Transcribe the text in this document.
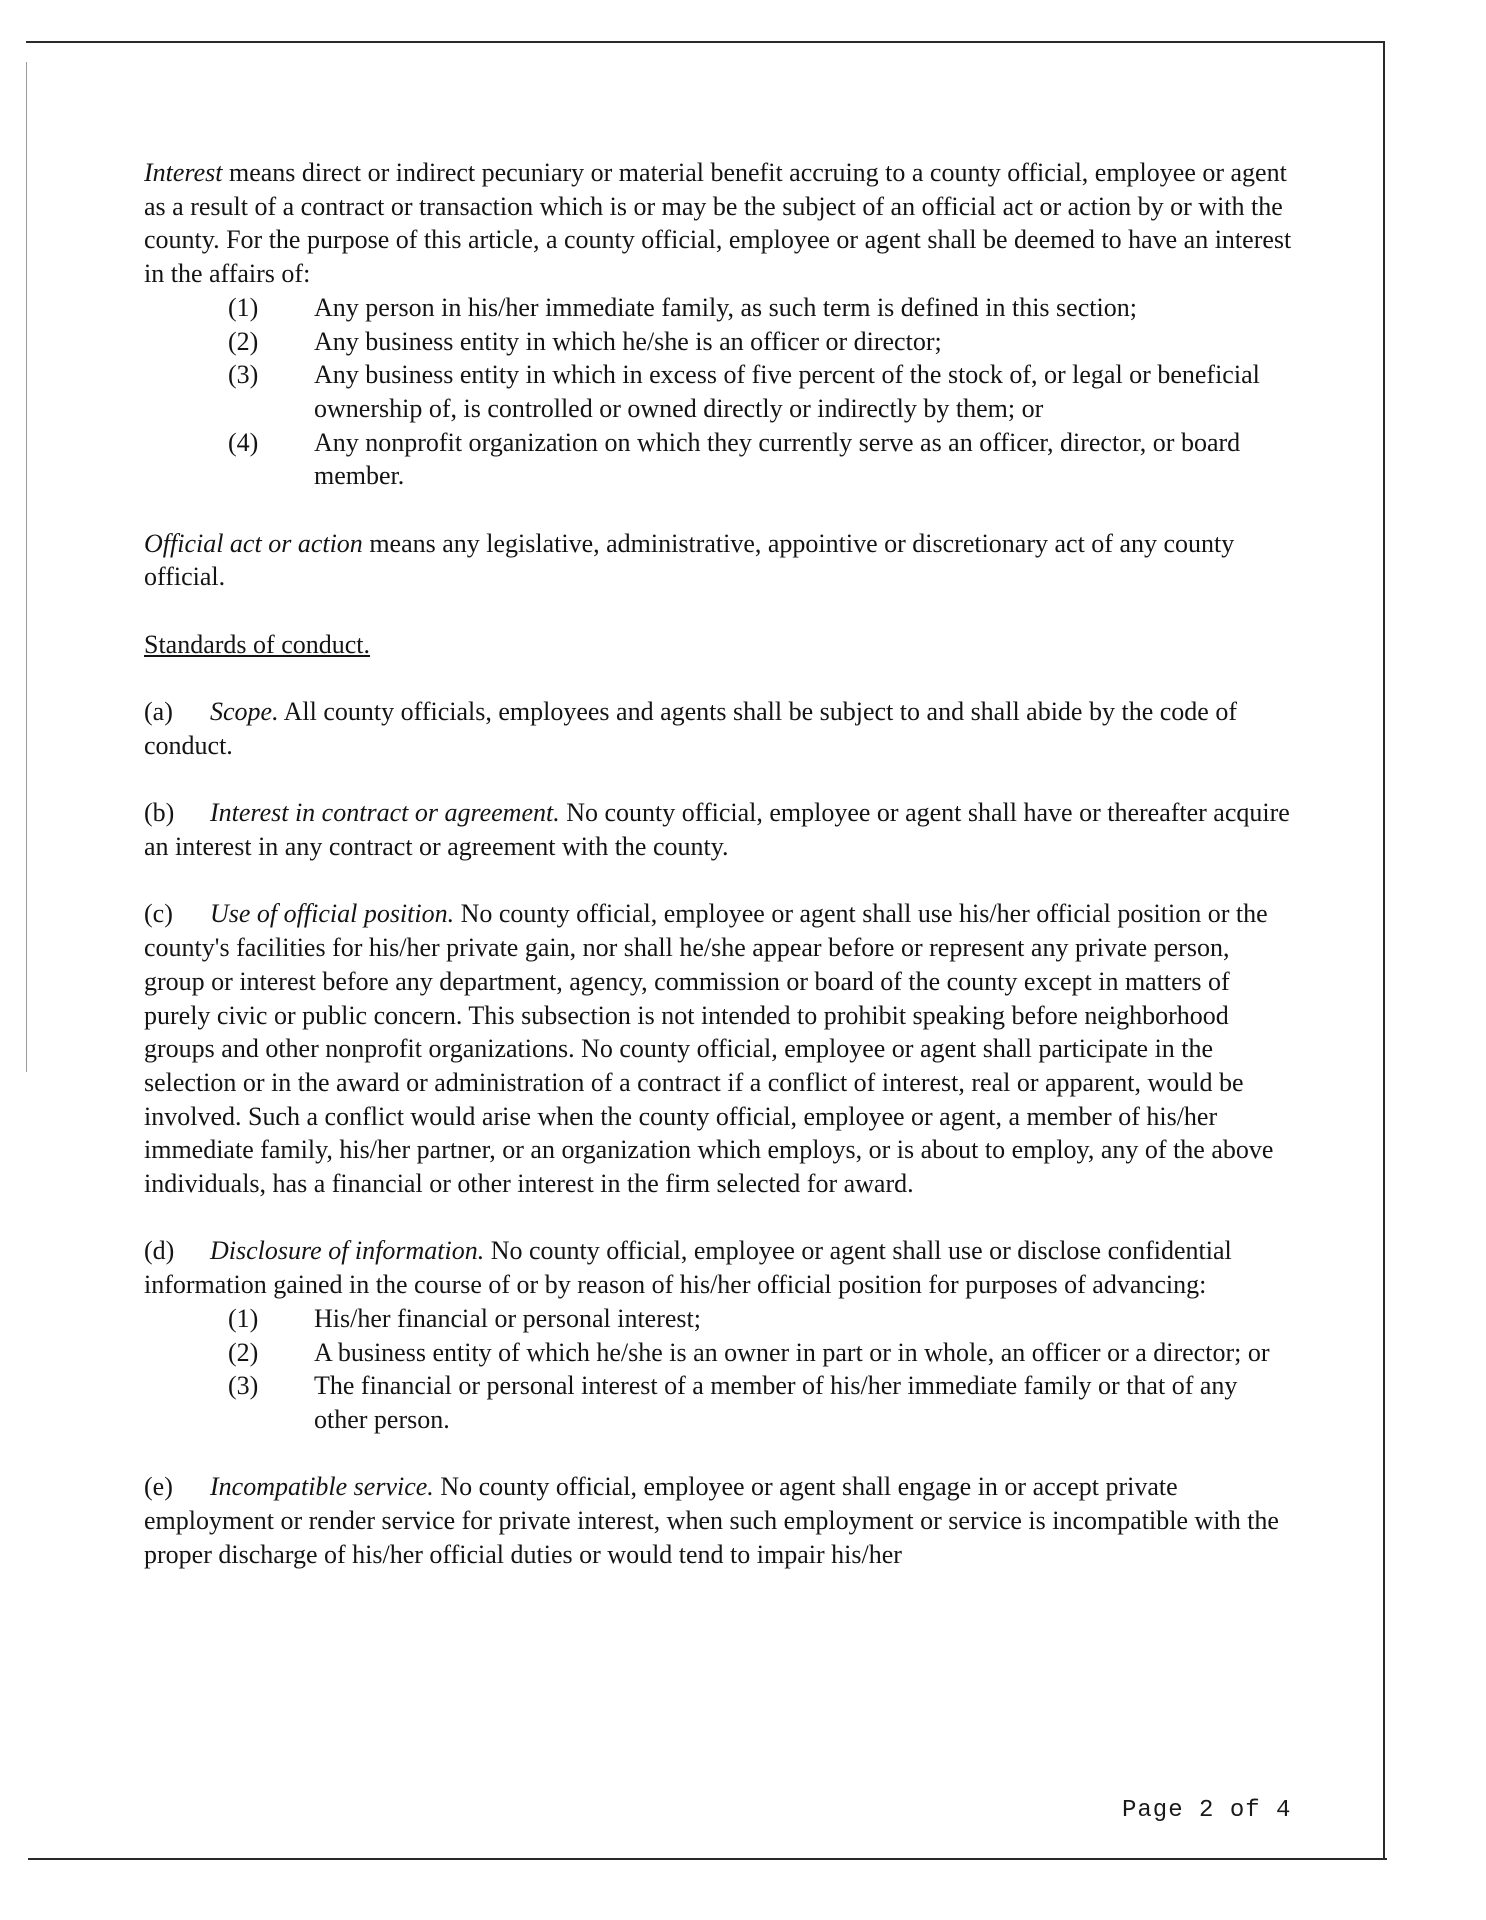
Interest means direct or indirect pecuniary or material benefit accruing to a county official, employee or agent as a result of a contract or transaction which is or may be the subject of an official act or action by or with the county. For the purpose of this article, a county official, employee or agent shall be deemed to have an interest in the affairs of:

(1)	Any person in his/her immediate family, as such term is defined in this section;
(2)	Any business entity in which he/she is an officer or director;
(3)	Any business entity in which in excess of five percent of the stock of, or legal or beneficial ownership of, is controlled or owned directly or indirectly by them; or
(4)	Any nonprofit organization on which they currently serve as an officer, director, or board member.

Official act or action means any legislative, administrative, appointive or discretionary act of any county official.

Standards of conduct.

(a) Scope. All county officials, employees and agents shall be subject to and shall abide by the code of conduct.

(b) Interest in contract or agreement. No county official, employee or agent shall have or thereafter acquire an interest in any contract or agreement with the county.

(c) Use of official position. No county official, employee or agent shall use his/her official position or the county's facilities for his/her private gain, nor shall he/she appear before or represent any private person, group or interest before any department, agency, commission or board of the county except in matters of purely civic or public concern. This subsection is not intended to prohibit speaking before neighborhood groups and other nonprofit organizations. No county official, employee or agent shall participate in the selection or in the award or administration of a contract if a conflict of interest, real or apparent, would be involved. Such a conflict would arise when the county official, employee or agent, a member of his/her immediate family, his/her partner, or an organization which employs, or is about to employ, any of the above individuals, has a financial or other interest in the firm selected for award.

(d) Disclosure of information. No county official, employee or agent shall use or disclose confidential information gained in the course of or by reason of his/her official position for purposes of advancing:

(1)	His/her financial or personal interest;
(2)	A business entity of which he/she is an owner in part or in whole, an officer or a director; or
(3)	The financial or personal interest of a member of his/her immediate family or that of any other person.

(e) Incompatible service. No county official, employee or agent shall engage in or accept private employment or render service for private interest, when such employment or service is incompatible with the proper discharge of his/her official duties or would tend to impair his/her

Page 2 of 4
